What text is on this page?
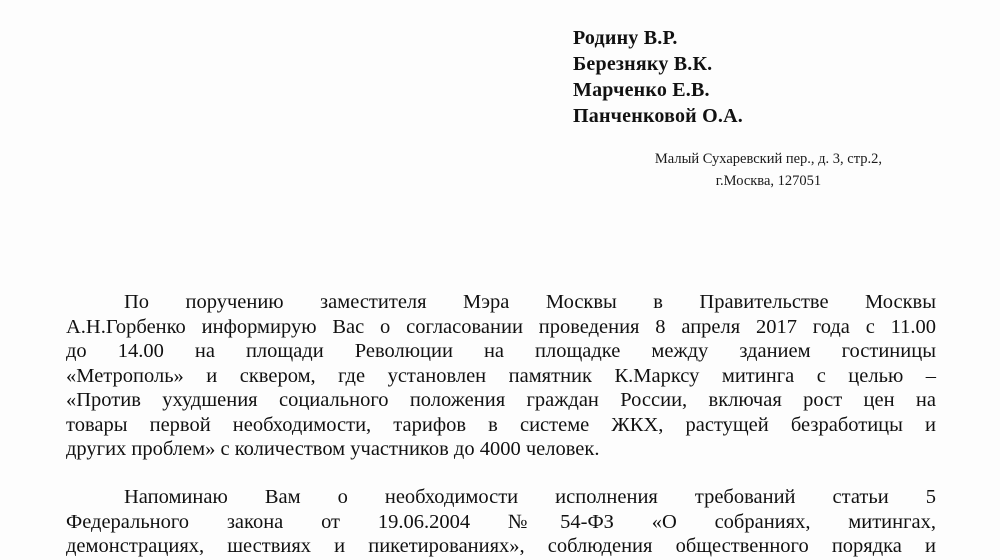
Родину В.Р.
Березняку В.К.
Марченко Е.В.
Панченковой О.А.
Малый Сухаревский пер., д. 3, стр.2,
г.Москва, 127051
По поручению заместителя Мэра Москвы в Правительстве Москвы
А.Н.Горбенко информирую Вас о согласовании проведения 8 апреля 2017 года с 11.00
до 14.00 на площади Революции на площадке между зданием гостиницы
«Метрополь» и сквером, где установлен памятник К.Марксу митинга с целью –
«Против ухудшения социального положения граждан России, включая рост цен на
товары первой необходимости, тарифов в системе ЖКХ, растущей безработицы и
других проблем» с количеством участников до 4000 человек.
Напоминаю Вам о необходимости исполнения требований статьи 5
Федерального закона от 19.06.2004 №54-ФЗ «О собраниях, митингах,
демонстрациях, шествиях и пикетированиях», соблюдения общественного порядка и
